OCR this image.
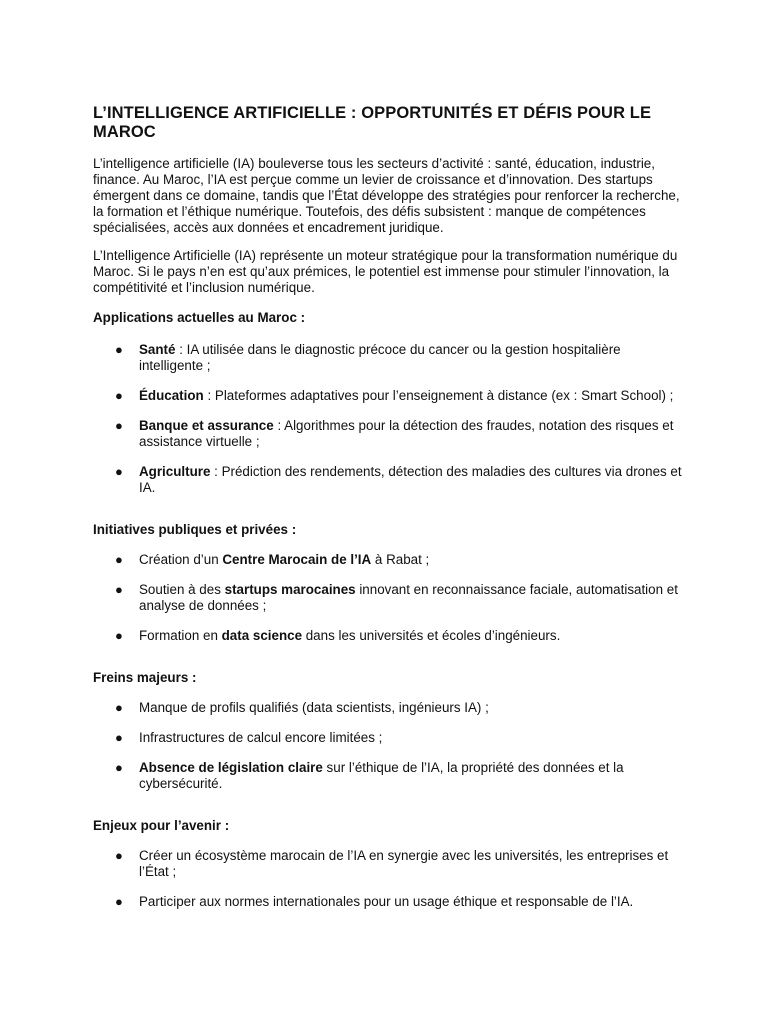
L’INTELLIGENCE ARTIFICIELLE : OPPORTUNITÉS ET DÉFIS POUR LE MAROC

L’intelligence artificielle (IA) bouleverse tous les secteurs d’activité : santé, éducation, industrie, finance. Au Maroc, l’IA est perçue comme un levier de croissance et d’innovation. Des startups émergent dans ce domaine, tandis que l’État développe des stratégies pour renforcer la recherche, la formation et l’éthique numérique. Toutefois, des défis subsistent : manque de compétences spécialisées, accès aux données et encadrement juridique.

L’Intelligence Artificielle (IA) représente un moteur stratégique pour la transformation numérique du Maroc. Si le pays n’en est qu’aux prémices, le potentiel est immense pour stimuler l’innovation, la compétitivité et l’inclusion numérique.

Applications actuelles au Maroc :

● Santé : IA utilisée dans le diagnostic précoce du cancer ou la gestion hospitalière intelligente ;
● Éducation : Plateformes adaptatives pour l’enseignement à distance (ex : Smart School) ;
● Banque et assurance : Algorithmes pour la détection des fraudes, notation des risques et assistance virtuelle ;
● Agriculture : Prédiction des rendements, détection des maladies des cultures via drones et IA.

Initiatives publiques et privées :

● Création d’un Centre Marocain de l’IA à Rabat ;
● Soutien à des startups marocaines innovant en reconnaissance faciale, automatisation et analyse de données ;
● Formation en data science dans les universités et écoles d’ingénieurs.

Freins majeurs :

● Manque de profils qualifiés (data scientists, ingénieurs IA) ;
● Infrastructures de calcul encore limitées ;
● Absence de législation claire sur l’éthique de l’IA, la propriété des données et la cybersécurité.

Enjeux pour l’avenir :

● Créer un écosystème marocain de l’IA en synergie avec les universités, les entreprises et l’État ;
● Participer aux normes internationales pour un usage éthique et responsable de l’IA.
